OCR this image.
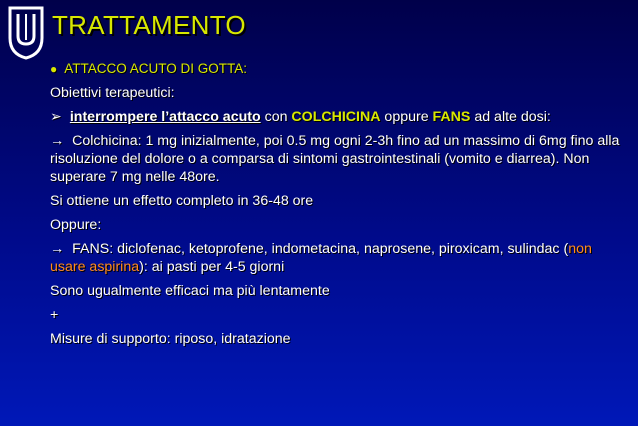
TRATTAMENTO
● ATTACCO ACUTO DI GOTTA:
Obiettivi terapeutici:
➢ interrompere l’attacco acuto con COLCHICINA oppure FANS ad alte dosi:
→ Colchicina: 1 mg inizialmente, poi 0.5 mg ogni 2-3h fino ad un massimo di 6mg fino alla risoluzione del dolore o a comparsa di sintomi gastrointestinali (vomito e diarrea). Non superare 7 mg nelle 48ore.
Si ottiene un effetto completo in 36-48 ore
Oppure:
→ FANS: diclofenac, ketoprofene, indometacina, naprosene, piroxicam, sulindac (non usare aspirina): ai pasti per 4-5 giorni
Sono ugualmente efficaci ma più lentamente
+
Misure di supporto: riposo, idratazione
